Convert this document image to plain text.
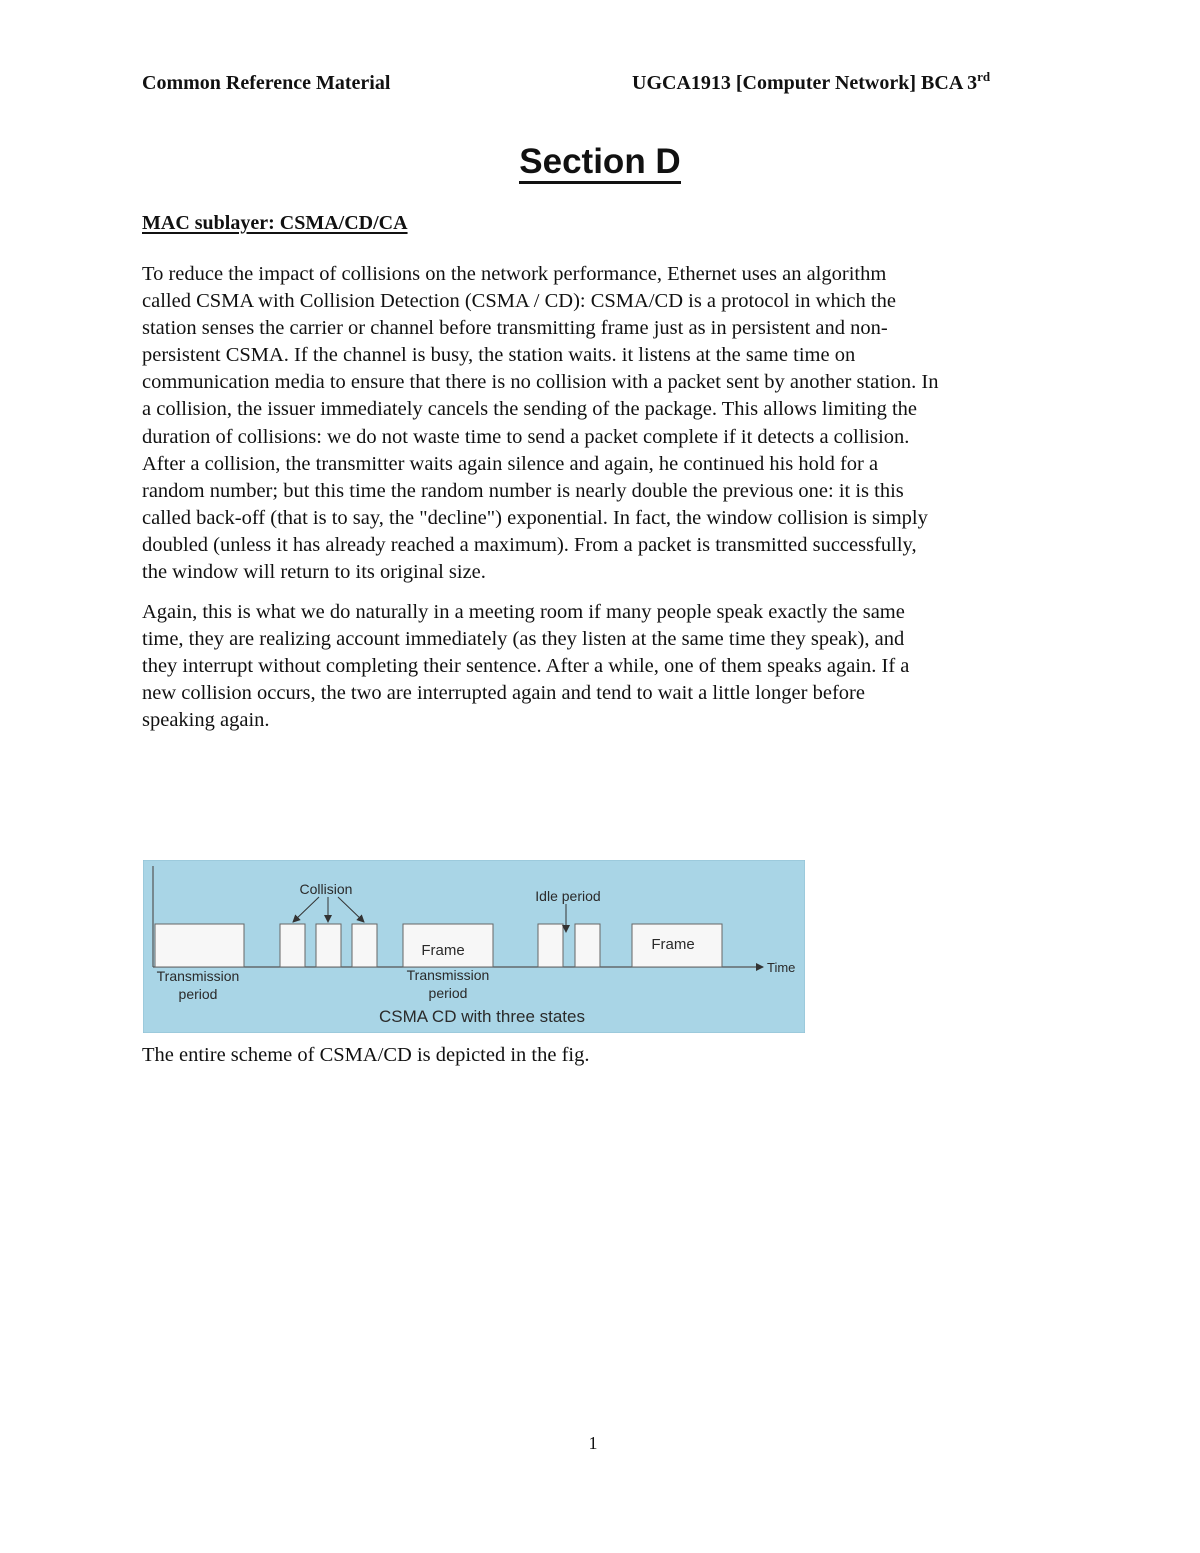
Common Reference Material	UGCA1913 [Computer Network] BCA 3rd
Section D
MAC sublayer: CSMA/CD/CA
To reduce the impact of collisions on the network performance, Ethernet uses an algorithm
called CSMA with Collision Detection (CSMA / CD): CSMA/CD is a protocol in which the
station senses the carrier or channel before transmitting frame just as in persistent and non-
persistent CSMA. If the channel is busy, the station waits. it listens at the same time on
communication media to ensure that there is no collision with a packet sent by another station. In
a collision, the issuer immediately cancels the sending of the package. This allows limiting the
duration of collisions: we do not waste time to send a packet complete if it detects a collision.
After a collision, the transmitter waits again silence and again, he continued his hold for a
random number; but this time the random number is nearly double the previous one: it is this
called back-off (that is to say, the "decline") exponential. In fact, the window collision is simply
doubled (unless it has already reached a maximum). From a packet is transmitted successfully,
the window will return to its original size.
Again, this is what we do naturally in a meeting room if many people speak exactly the same
time, they are realizing account immediately (as they listen at the same time they speak), and
they interrupt without completing their sentence. After a while, one of them speaks again. If a
new collision occurs, the two are interrupted again and tend to wait a little longer before
speaking again.
Collision	Idle period
Frame	Frame
Time
Transmission
period
Transmission
period
CSMA CD with three states
The entire scheme of CSMA/CD is depicted in the fig.
1
